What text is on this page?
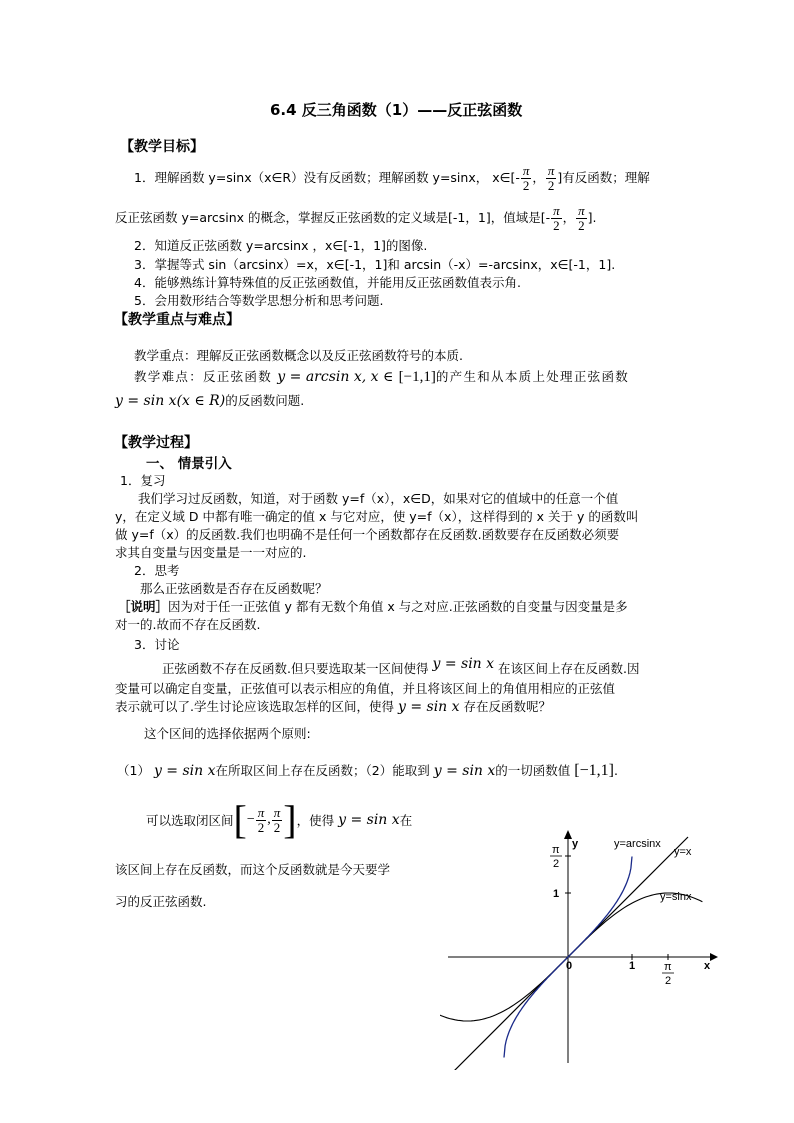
6.4 反三角函数（1）——反正弦函数
【教学目标】
1．理解函数 y=sinx（x∈R）没有反函数；理解函数 y=sinx， x∈[- $\frac{\pi}{2}$ ， $\frac{\pi}{2}$ ]有反函数；理解
反正弦函数 y=arcsinx 的概念，掌握反正弦函数的定义域是[-1，1]，值域是[- $\frac{\pi}{2}$ ， $\frac{\pi}{2}$ ].
2．知道反正弦函数 y=arcsinx ，x∈[-1，1]的图像.
3．掌握等式 sin（arcsinx）=x，x∈[-1，1]和 arcsin（-x）=-arcsinx，x∈[-1，1].
4．能够熟练计算特殊值的反正弦函数值，并能用反正弦函数值表示角.
5．会用数形结合等数学思想分析和思考问题.
【教学重点与难点】
教学重点：理解反正弦函数概念以及反正弦函数符号的本质.
教学难点：反正弦函数 y = arcsin x, x ∈ [−1,1]的产生和从本质上处理正弦函数
y = sin x(x ∈ R)的反函数问题.
【教学过程】
一、 情景引入
1．复习
我们学习过反函数，知道，对于函数 y=f（x），x∈D，如果对它的值域中的任意一个值
y，在定义域 D 中都有唯一确定的值 x 与它对应，使 y=f（x），这样得到的 x 关于 y 的函数叫
做 y=f（x）的反函数.我们也明确不是任何一个函数都存在反函数.函数要存在反函数必须要
求其自变量与因变量是一一对应的.
2．思考
那么正弦函数是否存在反函数呢？
［说明］因为对于任一正弦值 y 都有无数个角值 x 与之对应.正弦函数的自变量与因变量是多
对一的.故而不存在反函数.
3．讨论
正弦函数不存在反函数.但只要选取某一区间使得 y = sin x 在该区间上存在反函数.因
变量可以确定自变量，正弦值可以表示相应的角值，并且将该区间上的角值用相应的正弦值
表示就可以了.学生讨论应该选取怎样的区间，使得 y = sin x 存在反函数呢？
这个区间的选择依据两个原则:
（1） y = sin x在所取区间上存在反函数；（2）能取到 y = sin x的一切函数值 [−1,1].
可以选取闭区间[− $\frac{\pi}{2}$ , $\frac{\pi}{2}$ ]，使得 y = sin x在
该区间上存在反函数，而这个反函数就是今天要学
习的反正弦函数.
y=arcsinx
y=x
y=sinx
x
y
0	1
1
π
2
π
2
